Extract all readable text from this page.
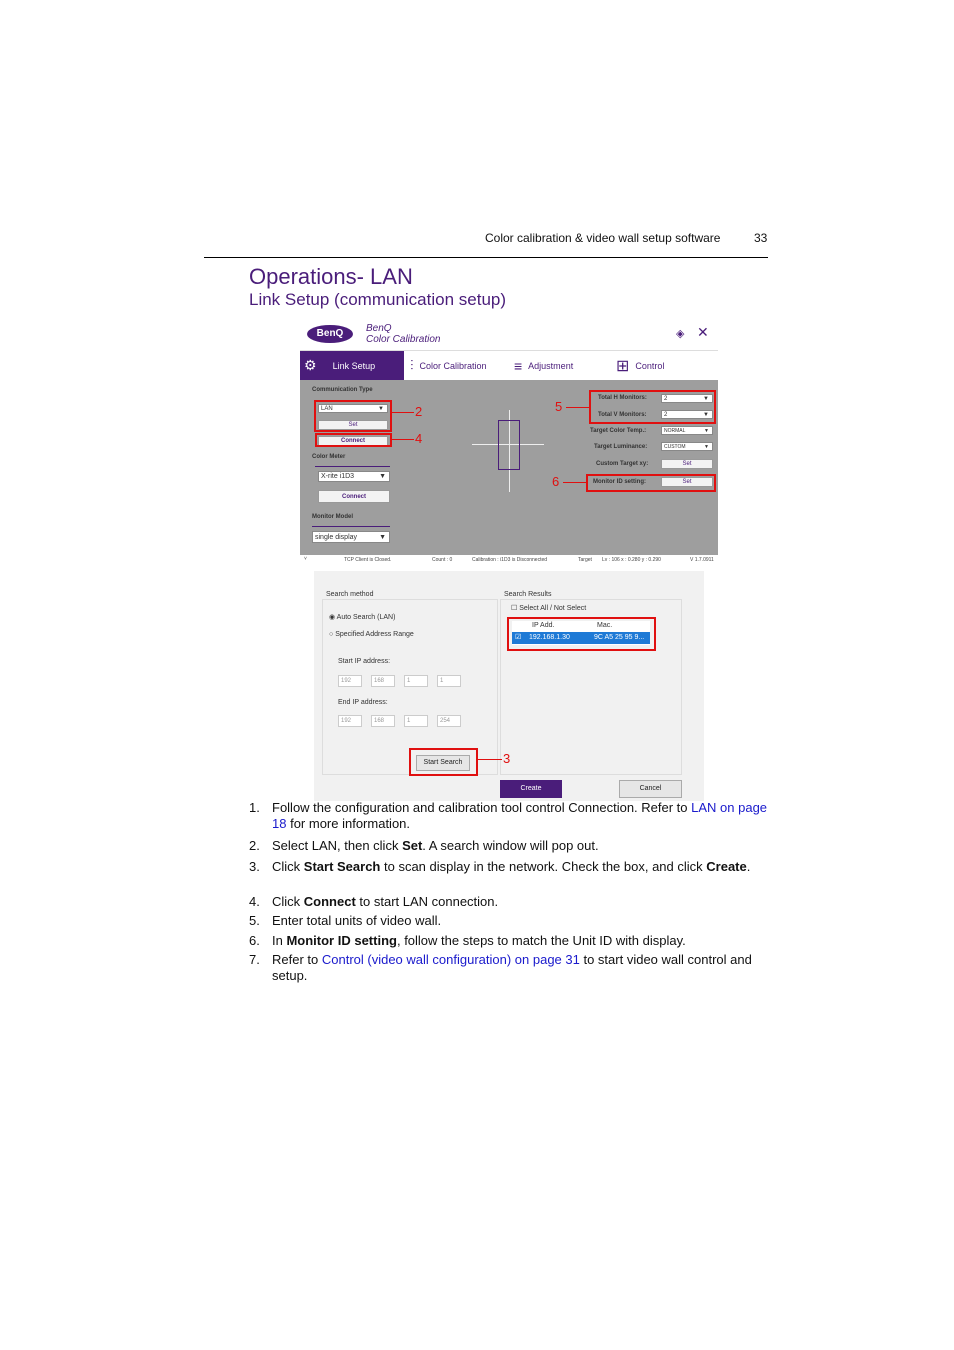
Color calibration & video wall setup software	33
Operations- LAN
Link Setup (communication setup)
BenQ	BenQ
Color Calibration	◈ ✕
⚙ Link Setup ⫶ Color Calibration ≡ Adjustment	⊞ Control
Communication Type
LAN	▼
Set
Connect
Color Meter
X-rite i1D3	▼
Connect
Monitor Model
single display	▼
Total H Monitors:	2	▼
Total V Monitors:	2	▼
Target Color Temp.:	NORMAL	▼
Target Luminance:	CUSTOM	▼
Custom Target xy:	Set
Monitor ID setting:	Set
˅	TCP Client is Closed.	Count : 0	Calibration : i1D3 is Disconnected	Target Lv : 106 x : 0.280 y : 0.290	V 1.7.0911
2
4
5
6
Search method
◉ Auto Search (LAN)
○ Specified Address Range
Start IP address:
192	168	1	1
End IP address:
192	168	1	254
Start Search
Search Results
☐ Select All / Not Select
IP Add.	Mac.
☑ 192.168.1.30	9C A5 25 95 9...
Create	Cancel
3
1. Follow the configuration and calibration tool control Connection. Refer to LAN on page 18 for more information.
2. Select LAN, then click Set. A search window will pop out.
3. Click Start Search to scan display in the network. Check the box, and click Create.
4. Click Connect to start LAN connection.
5. Enter total units of video wall.
6. In Monitor ID setting, follow the steps to match the Unit ID with display.
7. Refer to Control (video wall configuration) on page 31 to start video wall control and setup.
